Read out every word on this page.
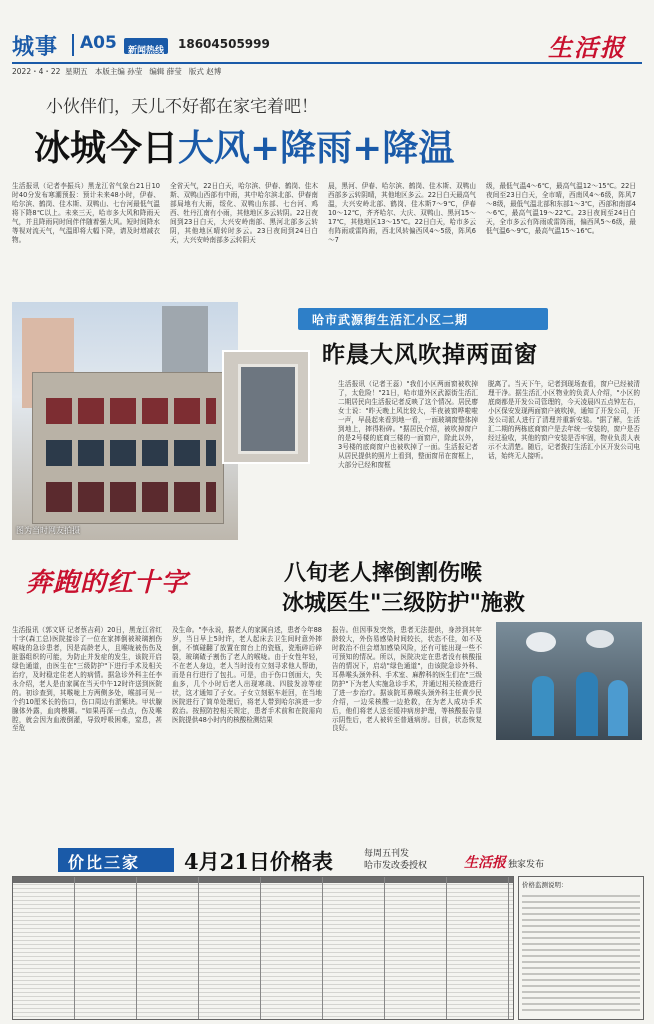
城事 A05	新闻热线	18604505999	生活报
2022・4・22  星期五   本版主编 孙莹   编辑 薛莹   版式 赵博
小伙伴们，天儿不好都在家宅着吧！
冰城今日大风+降雨+降温

生活报讯（记者李振兵）黑龙江省气象台21日10时40分发布寒潮预报：预计未来48小时，伊春、哈尔滨、鹤岗、佳木斯、双鸭山、七台河最低气温将下降8℃以上。未来三天，哈市多大风和降雨天气，并且降雨同时间伴伴随着强大风。短时间降水等视对流天气，气温即将大幅下降，请及时增减衣物。

全省天气，22日白天，哈尔滨、伊春、鹤岗、佳木斯、双鸭山西部有中雨，其中哈尔滨北部、伊春南部局地有大雨，绥化、双鸭山东部、七台河、鸡西、牡丹江南有小雨，其他地区多云转阴。22日夜间到23日白天，大兴安岭南部、黑河北部多云转阴，其他地区晴转时多云。23日夜间到24日白天，大兴安岭南部多云转阴天

晨，黑河、伊春、哈尔滨、鹤岗、佳木斯、双鸭山西部多云转阴晴，其他地区多云。22日白天最高气温，大兴安岭北部、鹤岗、佳木斯7～9℃，伊春10～12℃，齐齐哈尔、大庆、双鸭山、黑河15～17℃，其他地区13～15℃。22日白天，哈市多云有阵雨或雷阵雨，西北风转偏西风4～5级，阵风6～7

级，最低气温4～6℃，最高气温12～15℃。22日夜间至23日白天，全市晴，西南风4～6级，阵风7～8级，最低气温北部和东部1～3℃，西部和南部4～6℃，最高气温19～22℃。23日夜间至24日白天，全市多云有阵雨或雷阵雨，偏西风5～6级，最低气温6～9℃，最高气温15～16℃。

图为当时网友拍摄
哈市武源街生活汇小区二期
昨晨大风吹掉两面窗

生活报讯（记者王蕊）"我们小区两面窗被吹掉了，太危险！"21日，哈市道外区武源街生活汇二期居民向生活报记者反映了这个情况。居民廖女士说："昨天晚上风比较大，半夜被窗哗啦啦一声，早晨起来看到地一看，一面玻璃窗整体掉到地上，摔得粉碎。"据居民介绍，被吹掉窗户的是2号楼的底商三楼的一面窗户，除此以外，3号楼的底商窗户也被吹掉了一面。生活报记者从居民提供的照片上看到，整面窗吊在窗框上，大部分已经和窗框

脱离了。当天下午，记者到现场查看，窗户已经被清理干净。据生活汇小区物业的负责人介绍，"小区的底商都是开发公司管理的，今天凌晨四五点钟左右，小区保安发现两面窗户被吹掉，通知了开发公司，开发公司派人进行了清理并重新安装。"据了解，生活汇二期的两栋底商窗户是去年统一安装的，窗户是否经过验收，其他的窗户安装是否牢固，物业负责人表示不太清楚。随后，记者拨打生活汇小区开发公司电话，始终无人接听。

奔跑的红十字	八旬老人摔倒割伤喉
冰城医生"三级防护"施救

生活报讯（郭文妍 记者蔡吉莉）20日，黑龙江省红十字(森工总)医院接诊了一位在家摔倒被玻璃割伤喉咙的急诊患者，因是高龄老人，且喉咙被伤伤及脏器组织的可能，为防止并发症的发生，该院开启绿色通道，由医生在"三级防护"下进行手术及相关治疗，及时稳定住老人的病情。据急诊外科主任李永介绍，老人是由家属在当天中午12时许送到医院的。初诊查到，其喉咙上方两侧多处，喉部可见一个约10厘米长的伤口，伤口周边有淤紫块。甲状腺腺体外露，血肉模糊。"如果再深一点点，伤及喉腔，就会因为血液倒灌，导致呼吸困难，窒息，甚至危

及生命。"李永说，据老人的家属自述，患者今年88岁，当日早上5时许，老人起床去卫生间时意外摔倒，不慎碰翻了放置在窗台上的瓷瓶，瓷瓶碎后碎裂，玻璃碴子割伤了老人的喉咙。由于女性年轻，不在老人身边，老人当时没有立刻寻求他人帮助，而是自行进行了包扎。可是，由于伤口创面大，失血多，几个小时后老人出现寒战、四肢发凉等症状，这才通知了子女。子女立刻驱车赶回，在当地医院进行了简单处理后，将老人带到哈尔滨进一步救治。按照防控相关规定，患者手术前和在院需向医院提供48小时内的核酸检测结果

报告。但因事发突然，患者无法提供，身涉到其年龄较大，外伤易感染时间较长，状态不佳，如不及时救治不但会增加感染风险，还有可能出现一些不可预知的情况。所以，医院决定在患者没有核酸报告的情况下，启动"绿色通道"，由该院急诊外科、耳鼻喉头颈外科、手术室、麻醉科的医生们在"三级防护"下为老人实施急诊手术，并通过相关检查进行了进一步治疗。据该院耳鼻喉头颈外科主任黄少民介绍，一边采核酸一边抢救，在为老人成功手术后，他们将老人送至缓冲病房护理，等核酸报告显示阴性后，老人被转至普通病房。目前，状态恢复良好。

价比三家 4月21日价格表	每周五刊发
哈市发改委授权	生活报 独家发布
价格监测说明：
